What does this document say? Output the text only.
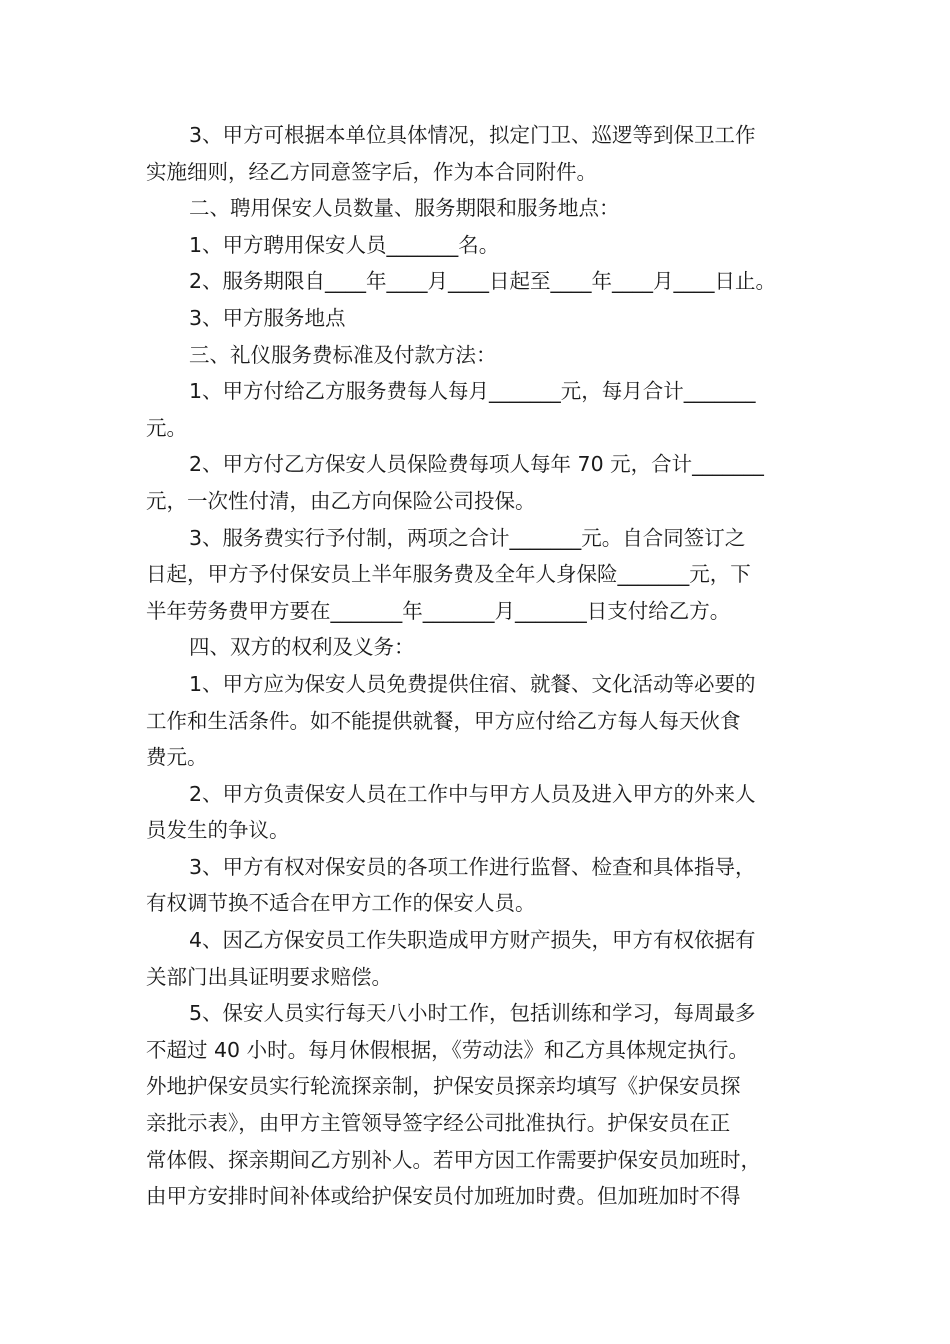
3、甲方可根据本单位具体情况，拟定门卫、巡逻等到保卫工作

实施细则，经乙方同意签字后，作为本合同附件。

二、聘用保安人员数量、服务期限和服务地点：

1、甲方聘用保安人员_______名。

2、服务期限自____年____月____日起至____年____月____日止。

3、甲方服务地点

三、礼仪服务费标准及付款方法：

1、甲方付给乙方服务费每人每月_______元，每月合计_______

元。

2、甲方付乙方保安人员保险费每项人每年 70 元，合计_______

元，一次性付清，由乙方向保险公司投保。

3、服务费实行予付制，两项之合计_______元。自合同签订之

日起，甲方予付保安员上半年服务费及全年人身保险_______元，下

半年劳务费甲方要在_______年_______月_______日支付给乙方。

四、双方的权利及义务：

1、甲方应为保安人员免费提供住宿、就餐、文化活动等必要的

工作和生活条件。如不能提供就餐，甲方应付给乙方每人每天伙食

费元。

2、甲方负责保安人员在工作中与甲方人员及进入甲方的外来人

员发生的争议。

3、甲方有权对保安员的各项工作进行监督、检查和具体指导，

有权调节换不适合在甲方工作的保安人员。

4、因乙方保安员工作失职造成甲方财产损失，甲方有权依据有

关部门出具证明要求赔偿。

5、保安人员实行每天八小时工作，包括训练和学习，每周最多

不超过 40 小时。每月休假根据，《劳动法》和乙方具体规定执行。

外地护保安员实行轮流探亲制，护保安员探亲均填写《护保安员探

亲批示表》，由甲方主管领导签字经公司批准执行。护保安员在正

常体假、探亲期间乙方别补人。若甲方因工作需要护保安员加班时，

由甲方安排时间补体或给护保安员付加班加时费。但加班加时不得
